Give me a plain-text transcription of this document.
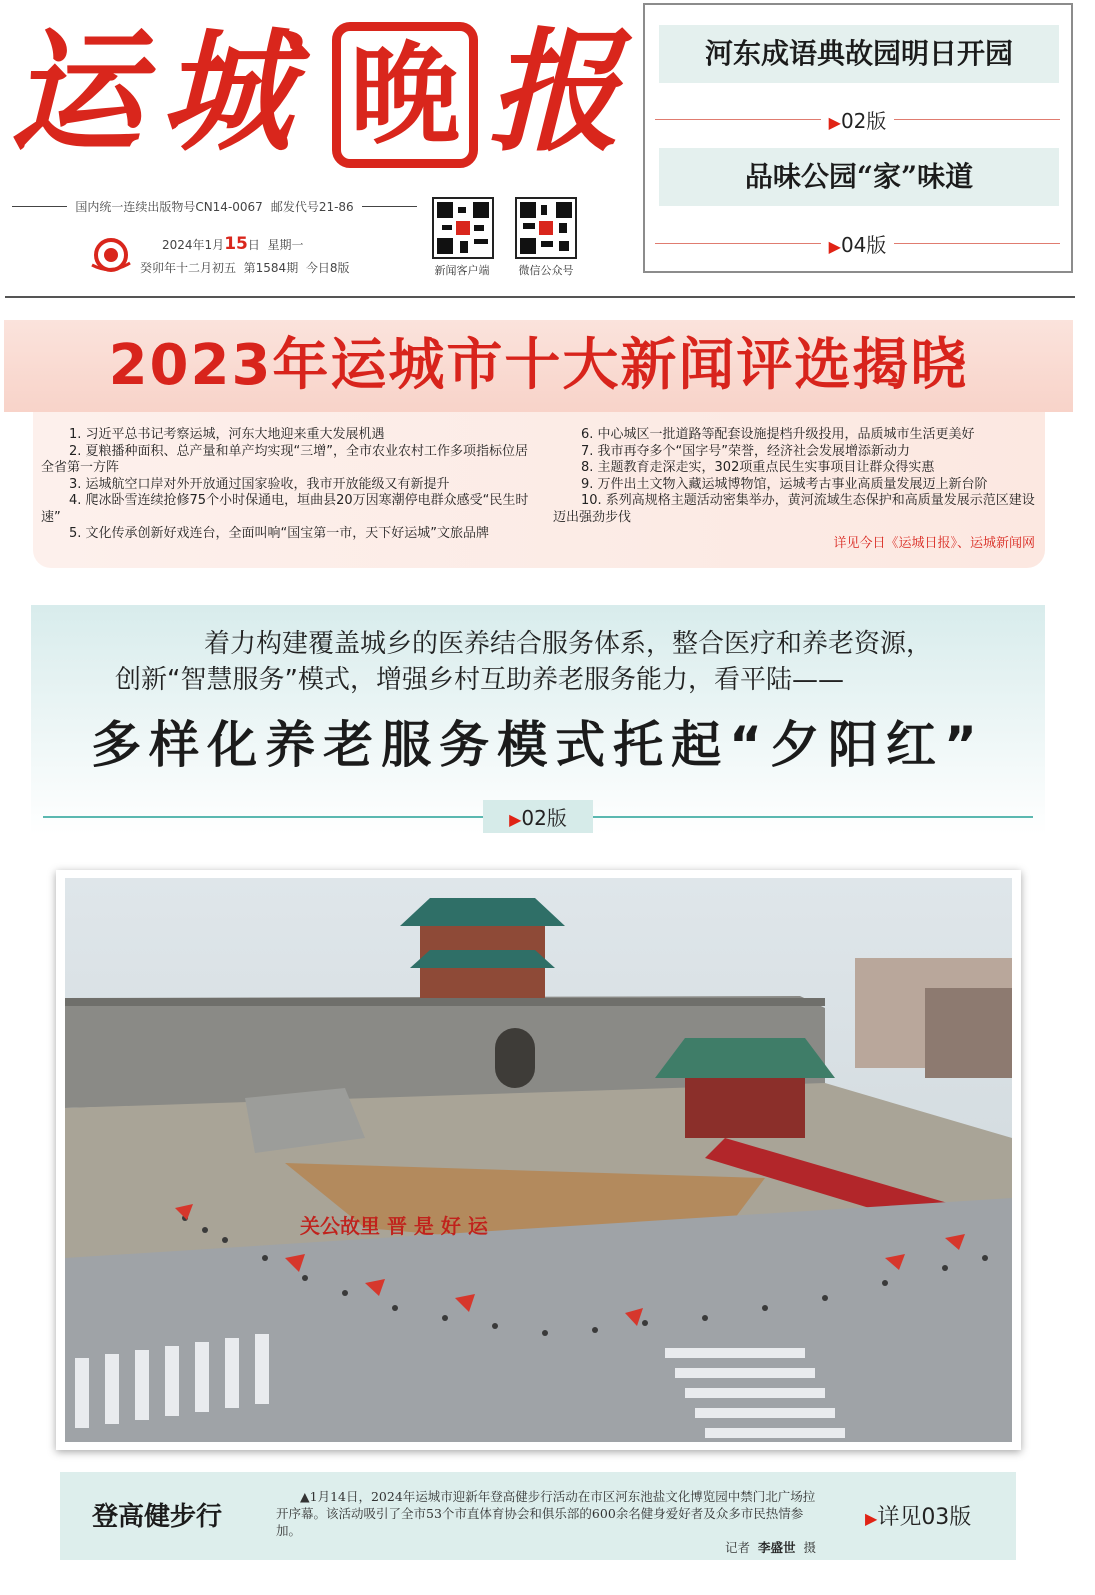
运 城 晚 报
国内统一连续出版物号CN14-0067 邮发代号21-86
2024年1月15日 星期一
癸卯年十二月初五 第1584期 今日8版	新闻客户端	微信公众号
河东成语典故园明日开园
▶02版
品味公园“家”味道
▶04版
2023年运城市十大新闻评选揭晓

1. 习近平总书记考察运城，河东大地迎来重大发展机遇

2. 夏粮播种面积、总产量和单产均实现“三增”，全市农业农村工作多项指标位居全省第一方阵

3. 运城航空口岸对外开放通过国家验收，我市开放能级又有新提升

4. 爬冰卧雪连续抢修75个小时保通电，垣曲县20万因寒潮停电群众感受“民生时速”

5. 文化传承创新好戏连台，全面叫响“国宝第一市，天下好运城”文旅品牌

6. 中心城区一批道路等配套设施提档升级投用，品质城市生活更美好

7. 我市再夺多个“国字号”荣誉，经济社会发展增添新动力

8. 主题教育走深走实，302项重点民生实事项目让群众得实惠

9. 万件出土文物入藏运城博物馆，运城考古事业高质量发展迈上新台阶

10. 系列高规格主题活动密集举办，黄河流域生态保护和高质量发展示范区建设迈出强劲步伐

详见今日《运城日报》、运城新闻网
着力构建覆盖城乡的医养结合服务体系，整合医疗和养老资源，
创新“智慧服务”模式，增强乡村互助养老服务能力，看平陆——
多样化养老服务模式托起“夕阳红”
▶02版
关公故里 晋 是 好 运
登高健步行

▲1月14日，2024年运城市迎新年登高健步行活动在市区河东池盐文化博览园中禁门北广场拉开序幕。该活动吸引了全市53个市直体育协会和俱乐部的600余名健身爱好者及众多市民热情参加。

记者 李盛世 摄

▶详见03版
